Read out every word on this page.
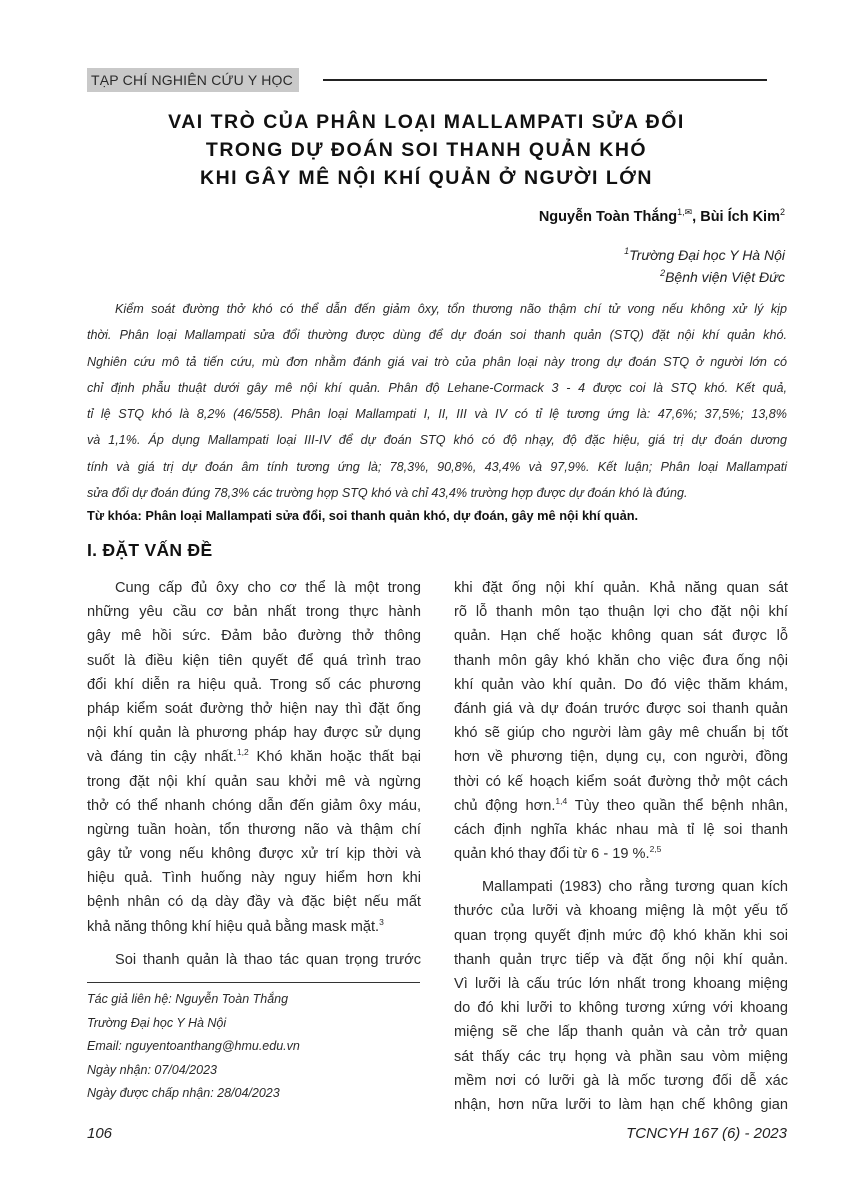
TẠP CHÍ NGHIÊN CỨU Y HỌC
VAI TRÒ CỦA PHÂN LOẠI MALLAMPATI SỬA ĐỔI
TRONG DỰ ĐOÁN SOI THANH QUẢN KHÓ
KHI GÂY MÊ NỘI KHÍ QUẢN Ở NGƯỜI LỚN
Nguyễn Toàn Thắng$^{1,✉}$, Bùi Ích Kim$^2$
$^1$Trường Đại học Y Hà Nội
$^2$Bệnh viện Việt Đức
Kiểm soát đường thở khó có thể dẫn đến giảm ôxy, tổn thương não thậm chí tử vong nếu không xử lý kịp
thời. Phân loại Mallampati sửa đổi thường được dùng để dự đoán soi thanh quản (STQ) đặt nội khí quản khó.
Nghiên cứu mô tả tiến cứu, mù đơn nhằm đánh giá vai trò của phân loại này trong dự đoán STQ ở người lớn có
chỉ định phẫu thuật dưới gây mê nội khí quản. Phân độ Lehane-Cormack 3 - 4 được coi là STQ khó. Kết quả,
tỉ lệ STQ khó là 8,2% (46/558). Phân loại Mallampati I, II, III và IV có tỉ lệ tương ứng là: 47,6%; 37,5%; 13,8%
và 1,1%. Áp dụng Mallampati loại III-IV để dự đoán STQ khó có độ nhạy, độ đặc hiệu, giá trị dự đoán dương
tính và giá trị dự đoán âm tính tương ứng là; 78,3%, 90,8%, 43,4% và 97,9%. Kết luận; Phân loại Mallampati
sửa đổi dự đoán đúng 78,3% các trường hợp STQ khó và chỉ 43,4% trường hợp được dự đoán khó là đúng.
Từ khóa: Phân loại Mallampati sửa đổi, soi thanh quản khó, dự đoán, gây mê nội khí quản.
I. ĐẶT VẤN ĐỀ
Cung cấp đủ ôxy cho cơ thể là một trong
những yêu cầu cơ bản nhất trong thực hành
gây mê hồi sức. Đảm bảo đường thở thông
suốt là điều kiện tiên quyết để quá trình trao
đổi khí diễn ra hiệu quả. Trong số các phương
pháp kiểm soát đường thở hiện nay thì đặt ống
nội khí quản là phương pháp hay được sử dụng
và đáng tin cậy nhất.$^{1,2}$ Khó khăn hoặc thất bại
trong đặt nội khí quản sau khởi mê và ngừng
thở có thể nhanh chóng dẫn đến giảm ôxy máu,
ngừng tuần hoàn, tổn thương não và thậm chí
gây tử vong nếu không được xử trí kịp thời và
hiệu quả. Tình huống này nguy hiểm hơn khi
bệnh nhân có dạ dày đầy và đặc biệt nếu mất
khả năng thông khí hiệu quả bằng mask mặt.$^3$
Soi thanh quản là thao tác quan trọng trước
khi đặt ống nội khí quản. Khả năng quan sát
rõ lỗ thanh môn tạo thuận lợi cho đặt nội khí
quản. Hạn chế hoặc không quan sát được lỗ
thanh môn gây khó khăn cho việc đưa ống nội
khí quản vào khí quản. Do đó việc thăm khám,
đánh giá và dự đoán trước được soi thanh quản
khó sẽ giúp cho người làm gây mê chuẩn bị tốt
hơn về phương tiện, dụng cụ, con người, đồng
thời có kế hoạch kiểm soát đường thở một cách
chủ động hơn.$^{1,4}$ Tùy theo quần thể bệnh nhân,
cách định nghĩa khác nhau mà tỉ lệ soi thanh
quản khó thay đổi từ 6 - 19 %.$^{2,5}$
Mallampati (1983) cho rằng tương quan kích
thước của lưỡi và khoang miệng là một yếu tố
quan trọng quyết định mức độ khó khăn khi soi
thanh quản trực tiếp và đặt ống nội khí quản.
Vì lưỡi là cấu trúc lớn nhất trong khoang miệng
do đó khi lưỡi to không tương xứng với khoang
miệng sẽ che lấp thanh quản và cản trở quan
sát thấy các trụ họng và phần sau vòm miệng
mềm nơi có lưỡi gà là mốc tương đối dễ xác
nhận, hơn nữa lưỡi to làm hạn chế không gian
Tác giả liên hệ: Nguyễn Toàn Thắng
Trường Đại học Y Hà Nội
Email: nguyentoanthang@hmu.edu.vn
Ngày nhận: 07/04/2023
Ngày được chấp nhận: 28/04/2023
106	TCNCYH 167 (6) - 2023
